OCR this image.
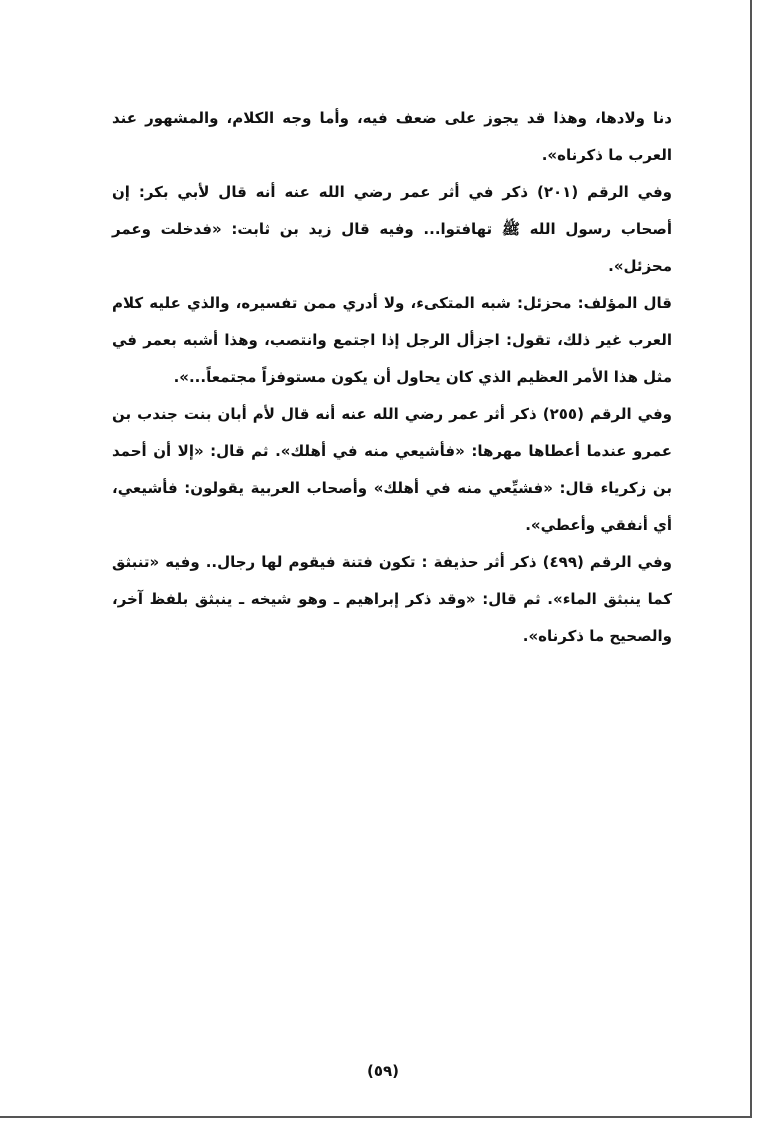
دنا ولادها، وهذا قد يجوز على ضعف فيه، وأما وجه الكلام، والمشهور عند العرب ما ذكرناه».

وفي الرقم (٢٠١) ذكر في أثر عمر رضي الله عنه أنه قال لأبي بكر: إن أصحاب رسول الله ﷺ تهافتوا... وفيه قال زيد بن ثابت: «فدخلت وعمر محزئل».

قال المؤلف: محزئل: شبه المتكىء، ولا أدري ممن تفسيره، والذي عليه كلام العرب غير ذلك، تقول: اجزأل الرجل إذا اجتمع وانتصب، وهذا أشبه بعمر في مثل هذا الأمر العظيم الذي كان يحاول أن يكون مستوفزاً مجتمعاً...».

وفي الرقم (٢٥٥) ذكر أثر عمر رضي الله عنه أنه قال لأم أبان بنت جندب بن عمرو عندما أعطاها مهرها: «فأشيعي منه في أهلك». ثم قال: «إلا أن أحمد بن زكرياء قال: «فشيِّعي منه في أهلك» وأصحاب العربية يقولون: فأشيعي، أي أنفقي وأعطي».

وفي الرقم (٤٩٩) ذكر أثر حذيفة : تكون فتنة فيقوم لها رجال.. وفيه «تنبثق كما ينبثق الماء». ثم قال: «وقد ذكر إبراهيم ـ وهو شيخه ـ ينبثق بلفظ آخر، والصحيح ما ذكرناه».

(٥٩)
